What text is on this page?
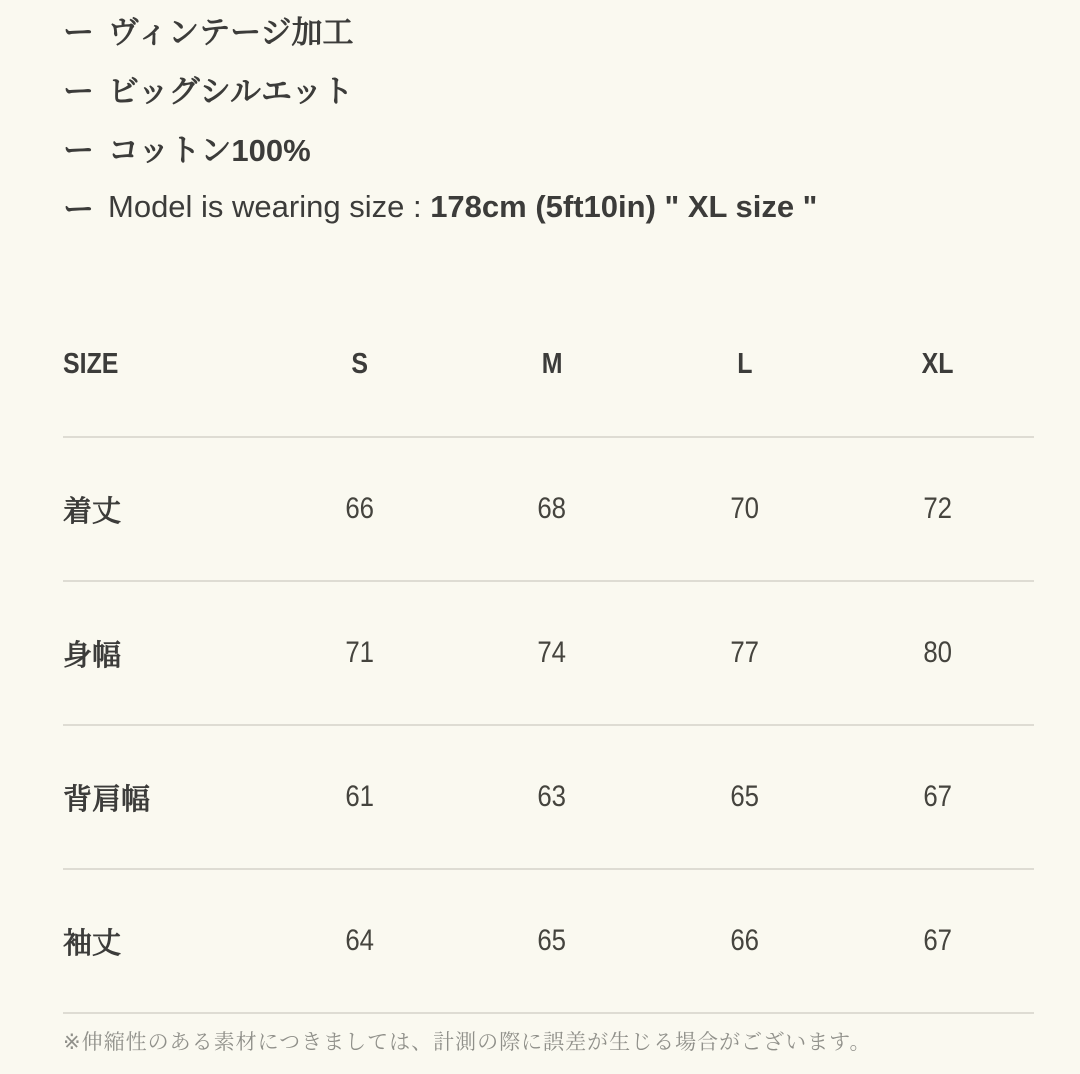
ー ヴィンテージ加工
ー ビッグシルエット
ー コットン100%
ー Model is wearing size : 178cm (5ft10in) " XL size "
SIZE	S	M	L	XL
着丈	66	68	70	72
身幅	71	74	77	80
背肩幅	61	63	65	67
袖丈	64	65	66	67

※伸縮性のある素材につきましては、計測の際に誤差が生じる場合がございます。
